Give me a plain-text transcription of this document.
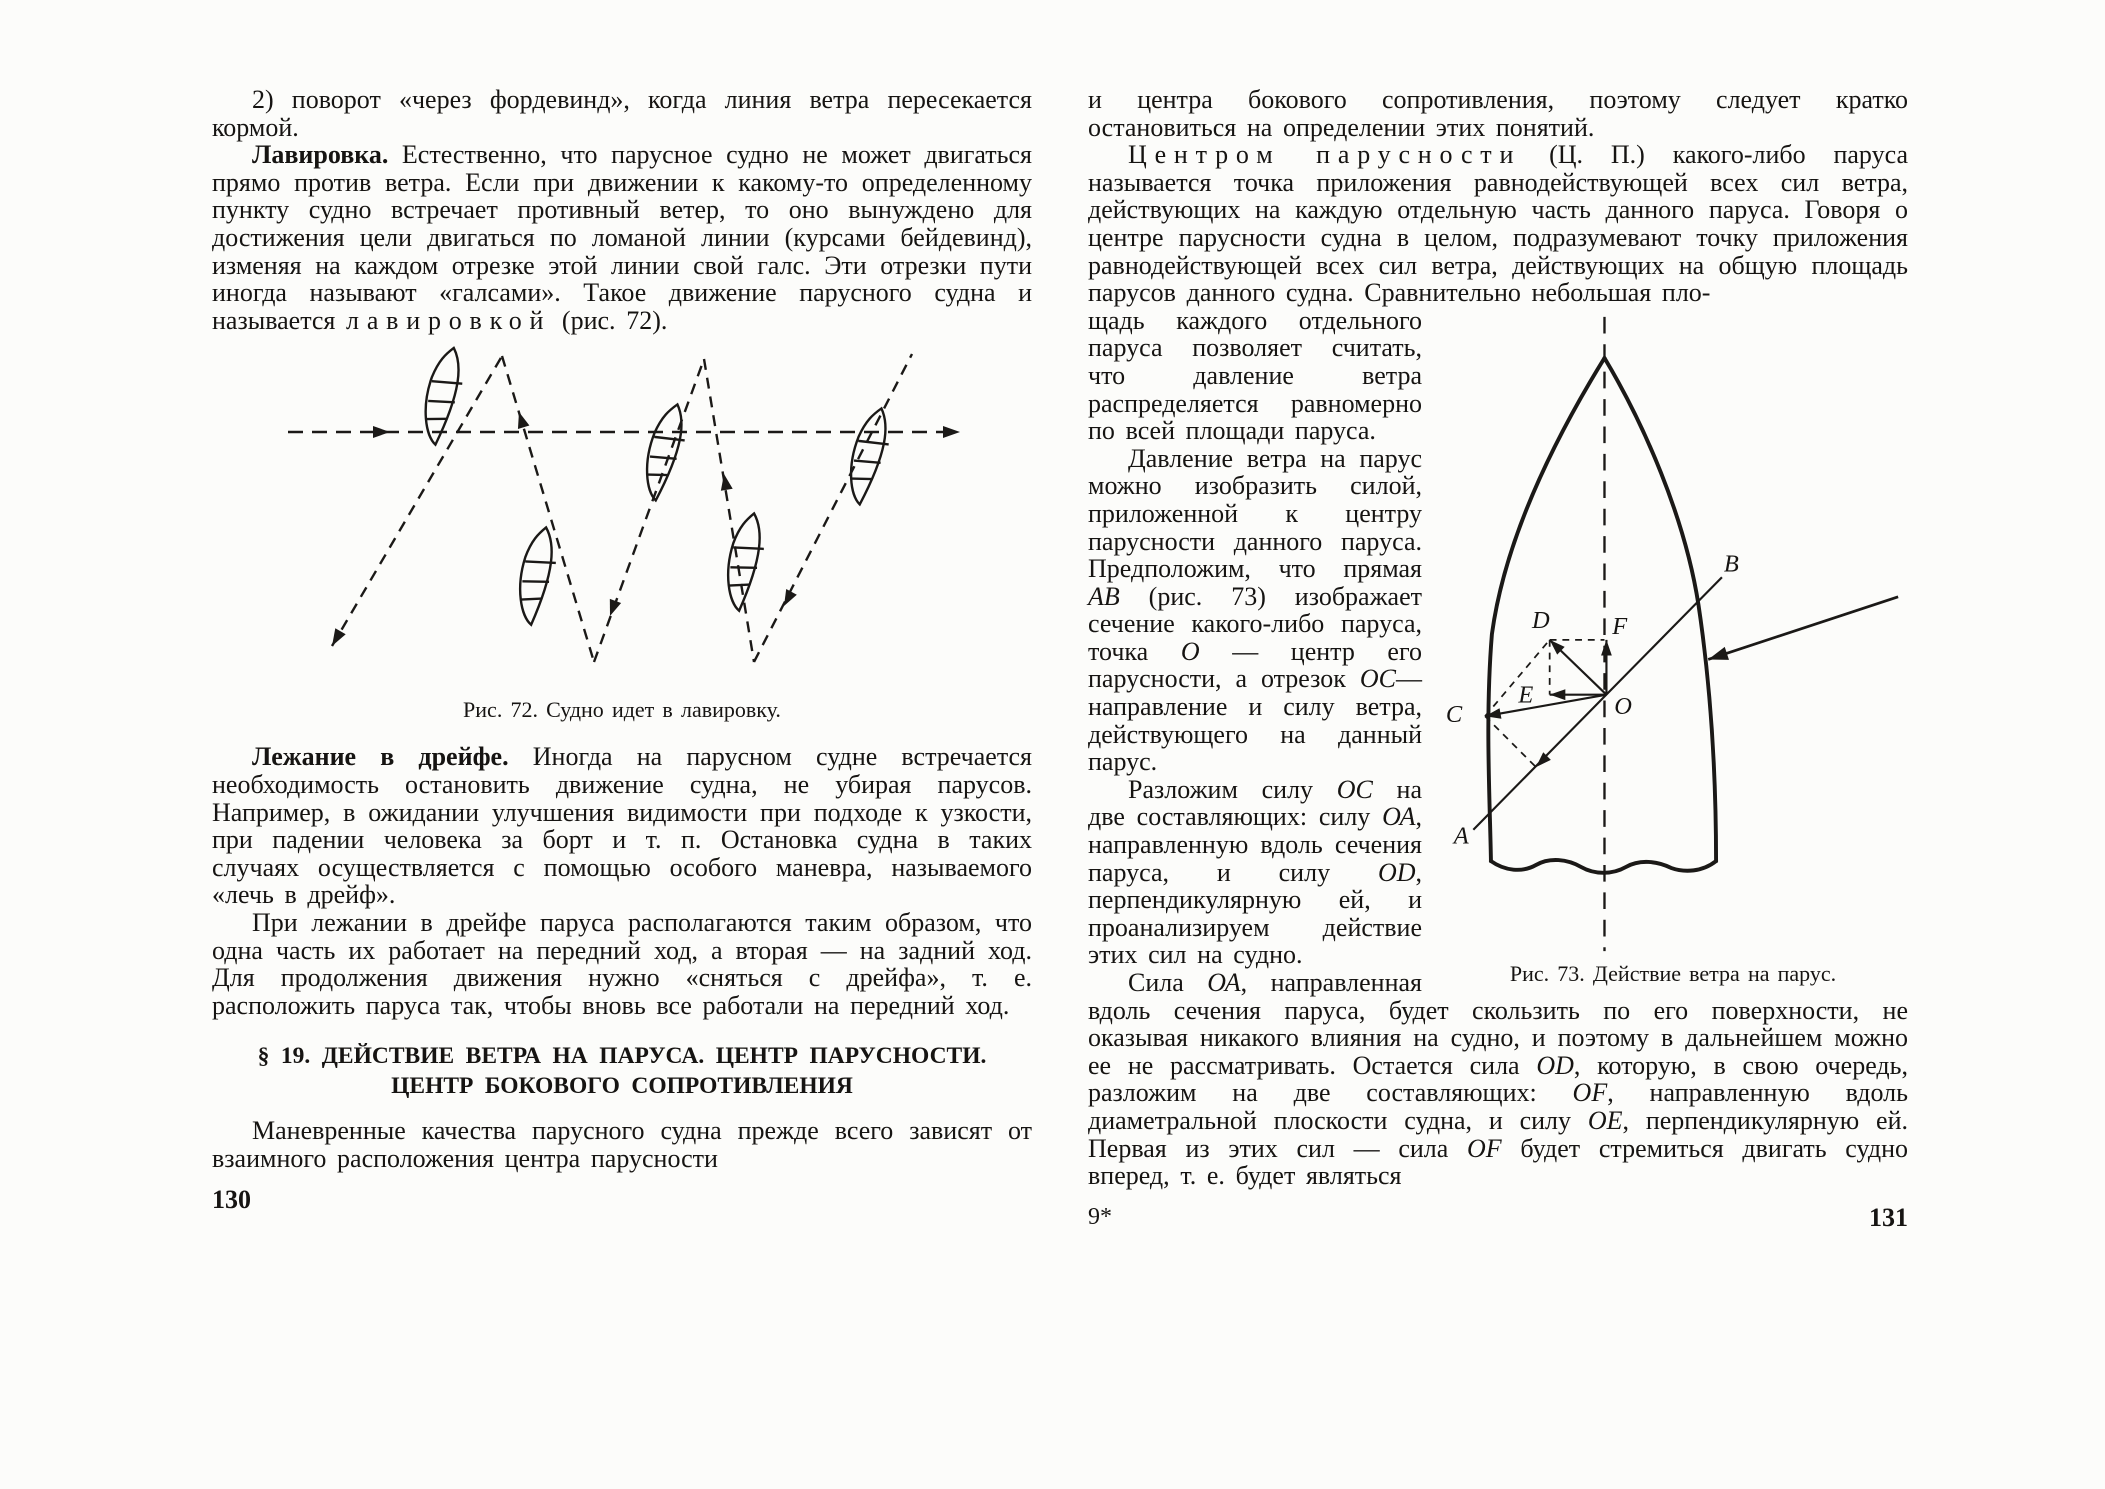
2) поворот «через фордевинд», когда линия ветра пересекается кормой.

Лавировка. Естественно, что парусное судно не может двигаться прямо против ветра. Если при движении к какому-то определенному пункту судно встречает противный ветер, то оно вынуждено для достижения цели двигаться по ломаной линии (курсами бейдевинд), изменяя на каждом отрезке этой линии свой галс. Эти отрезки пути иногда называют «галсами». Такое движение парусного судна и называется лавировкой (рис. 72).

Рис. 72. Судно идет в лавировку.

Лежание в дрейфе. Иногда на парусном судне встречается необходимость остановить движение судна, не убирая парусов. Например, в ожидании улучшения видимости при подходе к узкости, при падении человека за борт и т. п. Остановка судна в таких случаях осуществляется с помощью особого маневра, называемого «лечь в дрейф».

При лежании в дрейфе паруса располагаются таким образом, что одна часть их работает на передний ход, а вторая — на задний ход. Для продолжения движения нужно «сняться с дрейфа», т. е. расположить паруса так, чтобы вновь все работали на передний ход.

§ 19. ДЕЙСТВИЕ ВЕТРА НА ПАРУСА. ЦЕНТР ПАРУСНОСТИ.
ЦЕНТР БОКОВОГО СОПРОТИВЛЕНИЯ

Маневренные качества парусного судна прежде всего зависят от взаимного расположения центра парусности

130

и центра бокового сопротивления, поэтому следует кратко остановиться на определении этих понятий.

Центром парусности (Ц. П.) какого-либо паруса называется точка приложения равнодействующей всех сил ветра, действующих на каждую отдельную часть данного паруса. Говоря о центре парусности судна в целом, подразумевают точку приложения равнодействующей всех сил ветра, действующих на общую площадь парусов данного судна. Сравнительно небольшая пло-

A
B
C
D
E
F
O
Рис. 73. Действие ветра на парус.

щадь каждого отдельного паруса позволяет считать, что давление ветра распределяется равномерно по всей площади паруса.

Давление ветра на парус можно изобразить силой, приложенной к центру парусности данного паруса. Предположим, что прямая АВ (рис. 73) изображает сечение какого-либо паруса, точка О — центр его парусности, а отрезок ОС— направление и силу ветра, действующего на данный парус.

Разложим силу ОС на две составляющих: силу ОА, направленную вдоль сечения паруса, и силу OD, перпендикулярную ей, и проанализируем действие этих сил на судно.

Сила ОА, направленная вдоль сечения паруса, будет скользить по его поверхности, не оказывая никакого влияния на судно, и поэтому в дальнейшем можно ее не рассматривать. Остается сила OD, которую, в свою очередь, разложим на две составляющих: OF, направленную вдоль диаметральной плоскости судна, и силу ОЕ, перпендикулярную ей. Первая из этих сил — сила OF будет стремиться двигать судно вперед, т. е. будет являться

9*	131
